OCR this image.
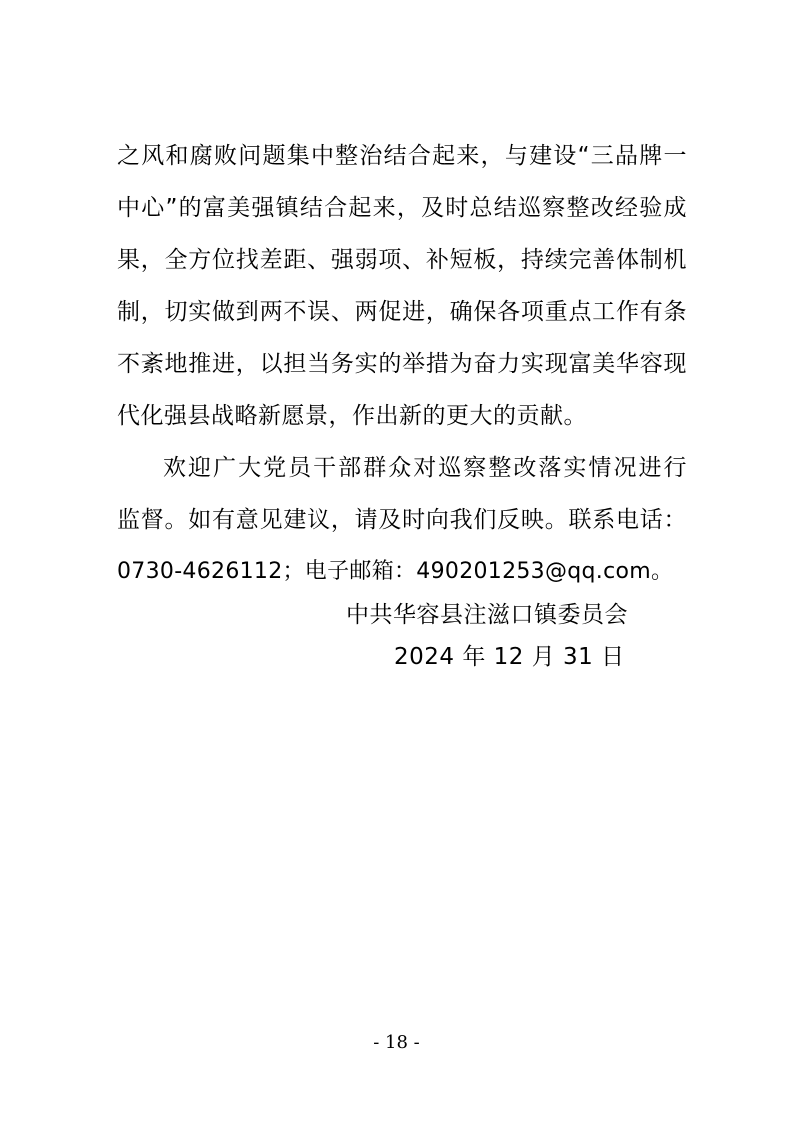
之风和腐败问题集中整治结合起来，与建设“三品牌一
中心”的富美强镇结合起来，及时总结巡察整改经验成
果，全方位找差距、强弱项、补短板，持续完善体制机
制，切实做到两不误、两促进，确保各项重点工作有条
不紊地推进，以担当务实的举措为奋力实现富美华容现
代化强县战略新愿景，作出新的更大的贡献。
欢迎广大党员干部群众对巡察整改落实情况进行
监督。如有意见建议，请及时向我们反映。联系电话：
0730-4626112；电子邮箱：490201253@qq.com。
中共华容县注滋口镇委员会
2024 年 12 月 31 日
- 18 -
